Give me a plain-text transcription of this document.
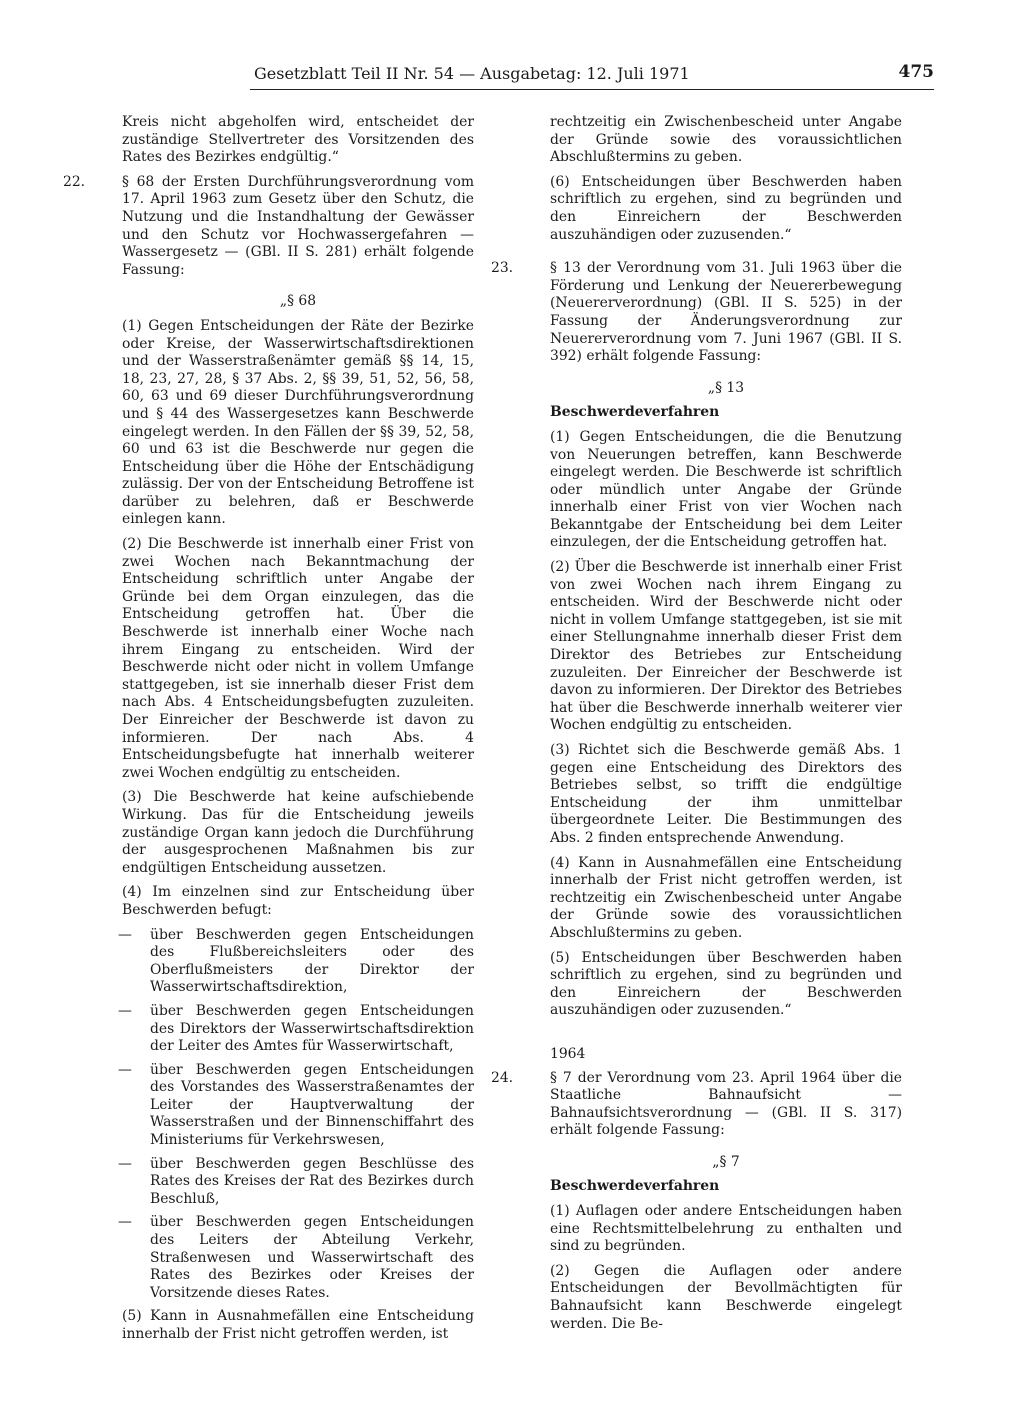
Gesetzblatt Teil II Nr. 54 — Ausgabetag: 12. Juli 1971	475

Kreis nicht abgeholfen wird, entscheidet der zuständige Stellvertreter des Vorsitzenden des Rates des Bezirkes endgültig.“

22.	§ 68 der Ersten Durchführungsverordnung vom 17. April 1963 zum Gesetz über den Schutz, die Nutzung und die Instandhaltung der Gewässer und den Schutz vor Hochwassergefahren — Wassergesetz — (GBl. II S. 281) erhält folgende Fassung:

„§ 68

(1) Gegen Entscheidungen der Räte der Bezirke oder Kreise, der Wasserwirtschaftsdirektionen und der Wasserstraßenämter gemäß §§ 14, 15, 18, 23, 27, 28, § 37 Abs. 2, §§ 39, 51, 52, 56, 58, 60, 63 und 69 dieser Durchführungsverordnung und § 44 des Wassergesetzes kann Beschwerde eingelegt werden. In den Fällen der §§ 39, 52, 58, 60 und 63 ist die Beschwerde nur gegen die Entscheidung über die Höhe der Entschädigung zulässig. Der von der Entscheidung Betroffene ist darüber zu belehren, daß er Beschwerde einlegen kann.

(2) Die Beschwerde ist innerhalb einer Frist von zwei Wochen nach Bekanntmachung der Entscheidung schriftlich unter Angabe der Gründe bei dem Organ einzulegen, das die Entscheidung getroffen hat. Über die Beschwerde ist innerhalb einer Woche nach ihrem Eingang zu entscheiden. Wird der Beschwerde nicht oder nicht in vollem Umfange stattgegeben, ist sie innerhalb dieser Frist dem nach Abs. 4 Entscheidungsbefugten zuzuleiten. Der Einreicher der Beschwerde ist davon zu informieren. Der nach Abs. 4 Entscheidungsbefugte hat innerhalb weiterer zwei Wochen endgültig zu entscheiden.

(3) Die Beschwerde hat keine aufschiebende Wirkung. Das für die Entscheidung jeweils zuständige Organ kann jedoch die Durchführung der ausgesprochenen Maßnahmen bis zur endgültigen Entscheidung aussetzen.

(4) Im einzelnen sind zur Entscheidung über Beschwerden befugt:

— über Beschwerden gegen Entscheidungen des Flußbereichsleiters oder des Oberflußmeisters der Direktor der Wasserwirtschaftsdirektion,

— über Beschwerden gegen Entscheidungen des Direktors der Wasserwirtschaftsdirektion der Leiter des Amtes für Wasserwirtschaft,

— über Beschwerden gegen Entscheidungen des Vorstandes des Wasserstraßenamtes der Leiter der Hauptverwaltung der Wasserstraßen und der Binnenschiffahrt des Ministeriums für Verkehrswesen,

— über Beschwerden gegen Beschlüsse des Rates des Kreises der Rat des Bezirkes durch Beschluß,

— über Beschwerden gegen Entscheidungen des Leiters der Abteilung Verkehr, Straßenwesen und Wasserwirtschaft des Rates des Bezirkes oder Kreises der Vorsitzende dieses Rates.

(5) Kann in Ausnahmefällen eine Entscheidung innerhalb der Frist nicht getroffen werden, ist

rechtzeitig ein Zwischenbescheid unter Angabe der Gründe sowie des voraussichtlichen Abschlußtermins zu geben.

(6) Entscheidungen über Beschwerden haben schriftlich zu ergehen, sind zu begründen und den Einreichern der Beschwerden auszuhändigen oder zuzusenden.“

23.	§ 13 der Verordnung vom 31. Juli 1963 über die Förderung und Lenkung der Neuererbewegung (Neuererverordnung) (GBl. II S. 525) in der Fassung der Änderungsverordnung zur Neuererverordnung vom 7. Juni 1967 (GBl. II S. 392) erhält folgende Fassung:

„§ 13

Beschwerdeverfahren

(1) Gegen Entscheidungen, die die Benutzung von Neuerungen betreffen, kann Beschwerde eingelegt werden. Die Beschwerde ist schriftlich oder mündlich unter Angabe der Gründe innerhalb einer Frist von vier Wochen nach Bekanntgabe der Entscheidung bei dem Leiter einzulegen, der die Entscheidung getroffen hat.

(2) Über die Beschwerde ist innerhalb einer Frist von zwei Wochen nach ihrem Eingang zu entscheiden. Wird der Beschwerde nicht oder nicht in vollem Umfange stattgegeben, ist sie mit einer Stellungnahme innerhalb dieser Frist dem Direktor des Betriebes zur Entscheidung zuzuleiten. Der Einreicher der Beschwerde ist davon zu informieren. Der Direktor des Betriebes hat über die Beschwerde innerhalb weiterer vier Wochen endgültig zu entscheiden.

(3) Richtet sich die Beschwerde gemäß Abs. 1 gegen eine Entscheidung des Direktors des Betriebes selbst, so trifft die endgültige Entscheidung der ihm unmittelbar übergeordnete Leiter. Die Bestimmungen des Abs. 2 finden entsprechende Anwendung.

(4) Kann in Ausnahmefällen eine Entscheidung innerhalb der Frist nicht getroffen werden, ist rechtzeitig ein Zwischenbescheid unter Angabe der Gründe sowie des voraussichtlichen Abschlußtermins zu geben.

(5) Entscheidungen über Beschwerden haben schriftlich zu ergehen, sind zu begründen und den Einreichern der Beschwerden auszuhändigen oder zuzusenden.“

1964

24.	§ 7 der Verordnung vom 23. April 1964 über die Staatliche Bahnaufsicht — Bahnaufsichtsverordnung — (GBl. II S. 317) erhält folgende Fassung:

„§ 7

Beschwerdeverfahren

(1) Auflagen oder andere Entscheidungen haben eine Rechtsmittelbelehrung zu enthalten und sind zu begründen.

(2) Gegen die Auflagen oder andere Entscheidungen der Bevollmächtigten für Bahnaufsicht kann Beschwerde eingelegt werden. Die Be-
